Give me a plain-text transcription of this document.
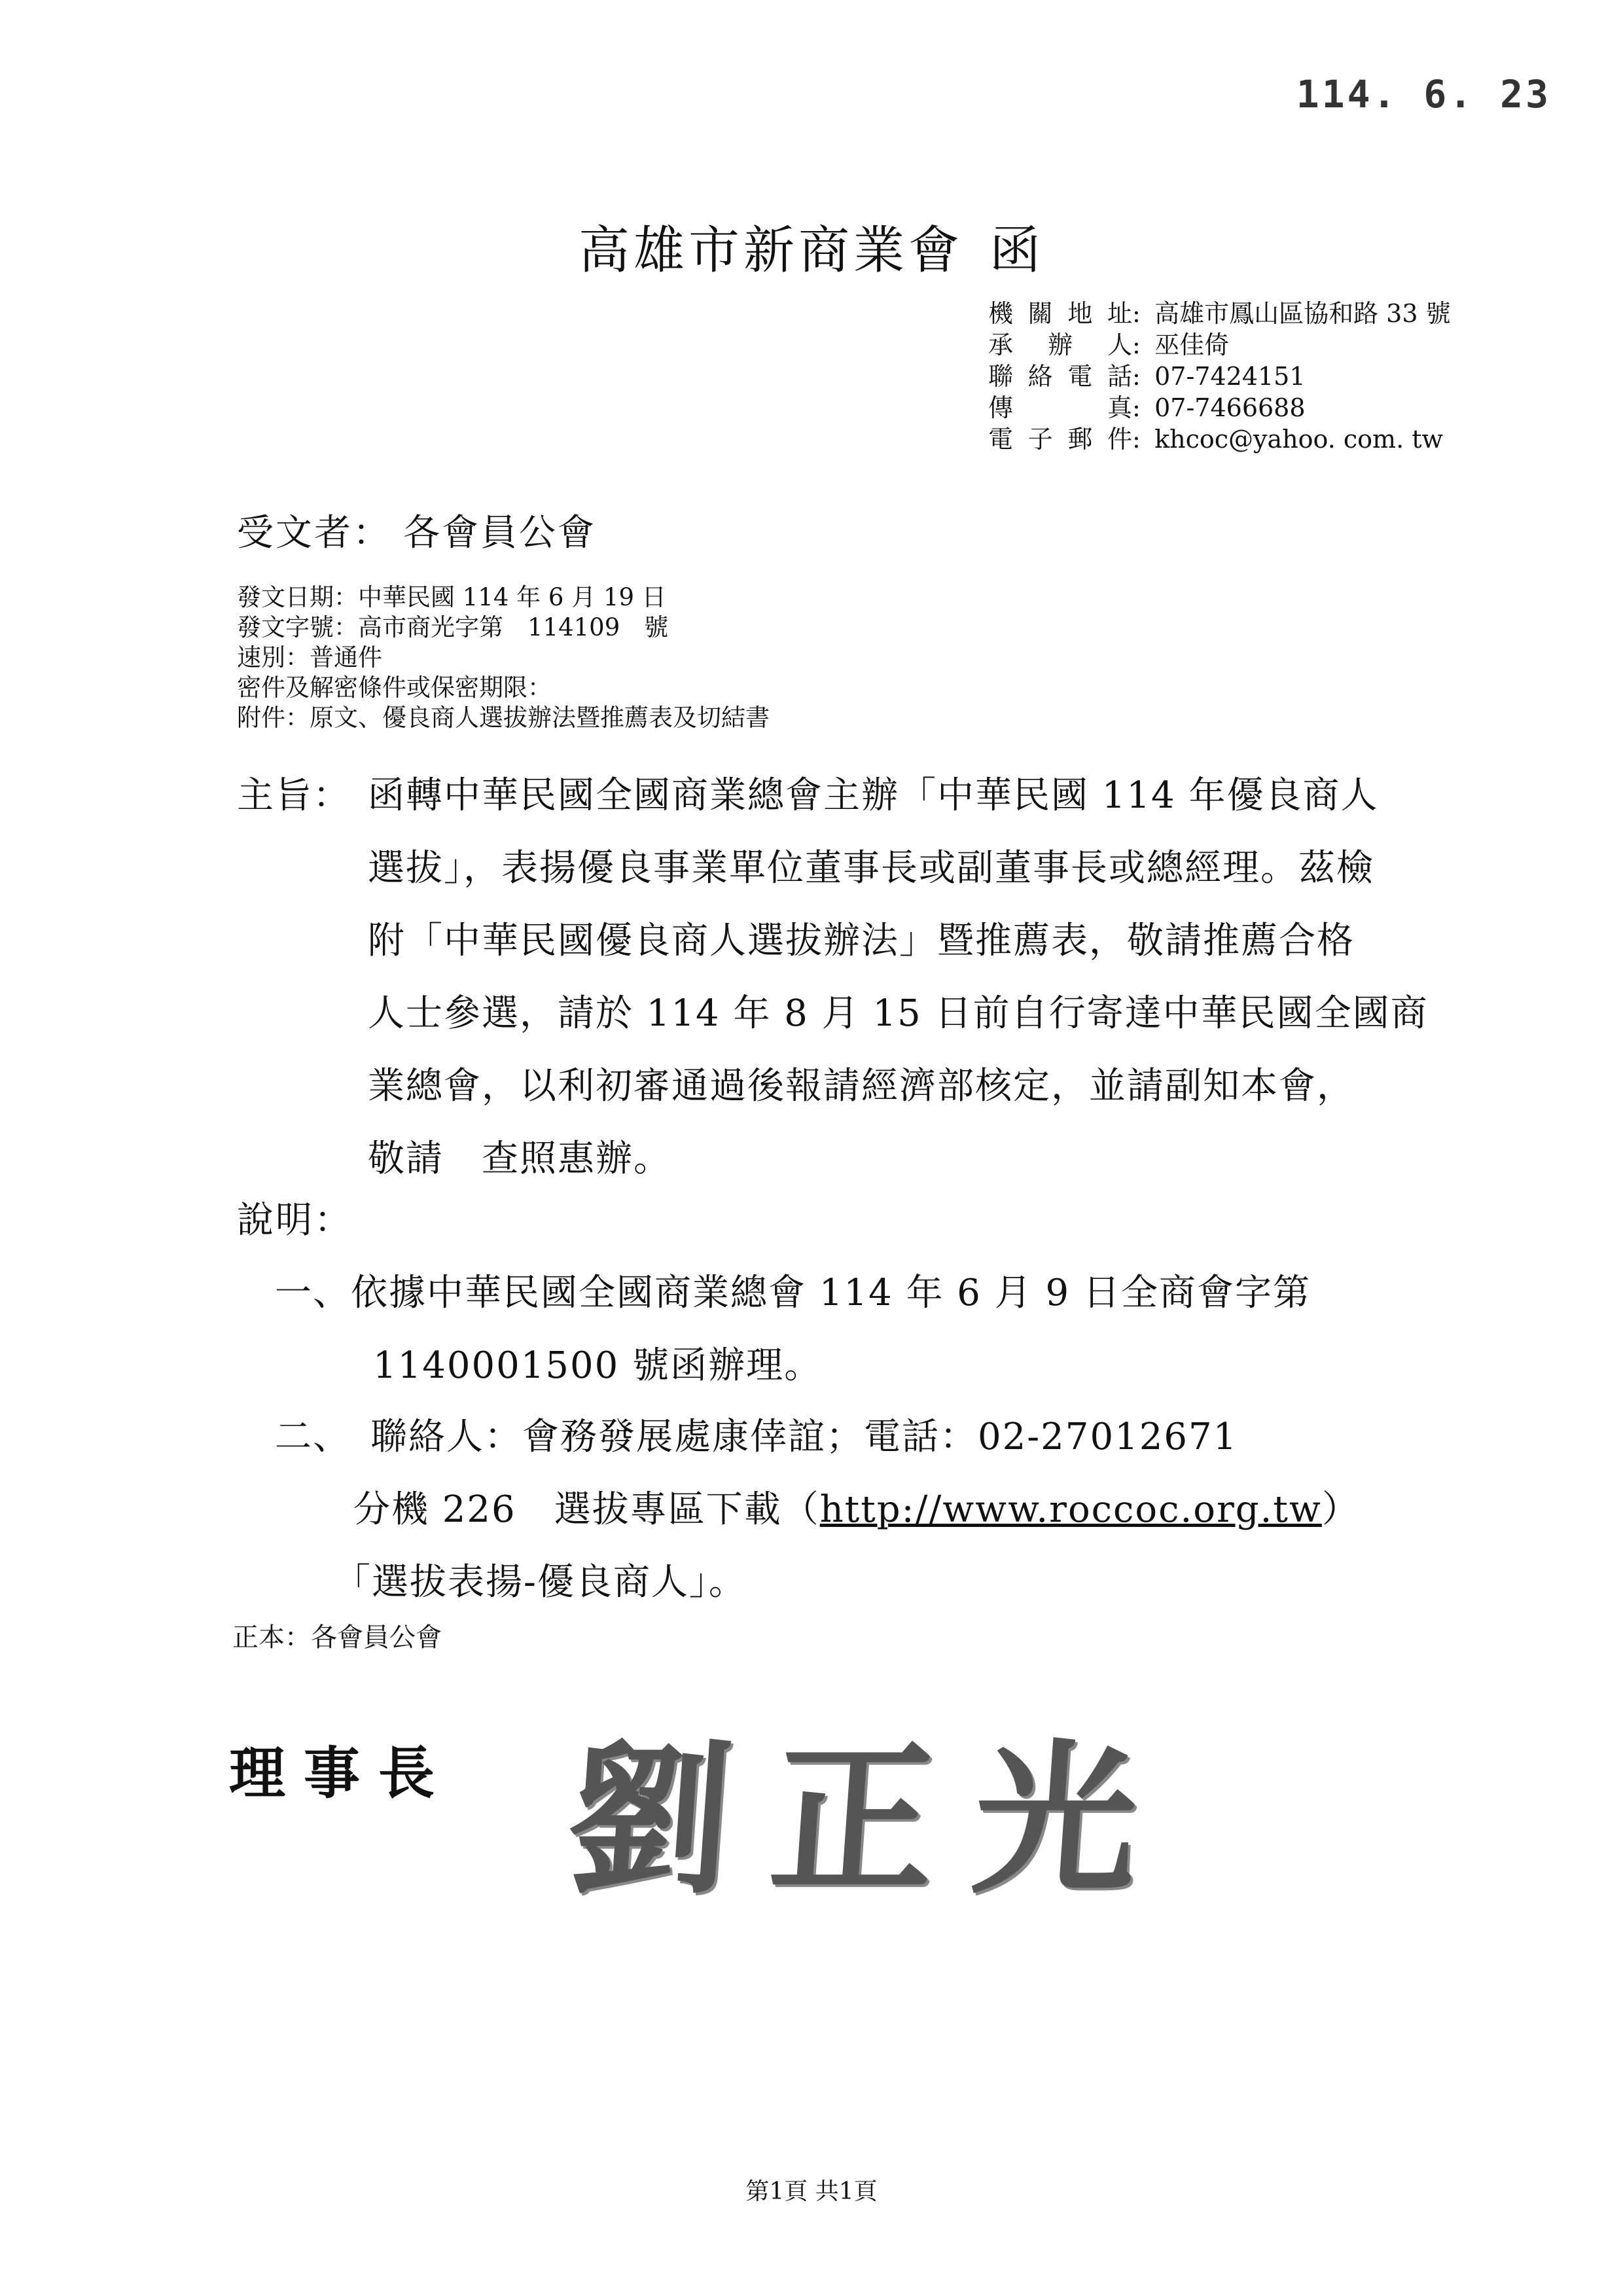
114. 6. 23
高雄市新商業會 函
機關地址: 高雄市鳳山區協和路 33 號
承辦人: 巫佳倚
聯絡電話: 07-7424151
傳真: 07-7466688
電子郵件: khcoc@yahoo. com. tw
受文者： 各會員公會
發文日期：中華民國 114 年 6 月 19 日
發文字號：高市商光字第　114109　號
速別：普通件
密件及解密條件或保密期限：
附件：原文、優良商人選拔辦法暨推薦表及切結書
主旨： 函轉中華民國全國商業總會主辦「中華民國 114 年優良商人
選拔」，表揚優良事業單位董事長或副董事長或總經理。茲檢
附「中華民國優良商人選拔辦法」暨推薦表，敬請推薦合格
人士參選，請於 114 年 8 月 15 日前自行寄達中華民國全國商
業總會，以利初審通過後報請經濟部核定，並請副知本會，
敬請　查照惠辦。
說明：
一、依據中華民國全國商業總會 114 年 6 月 9 日全商會字第
1140001500 號函辦理。
二、　聯絡人：會務發展處康倖誼；電話：02-27012671
分機 226　選拔專區下載（http://www.roccoc.org.tw）
「選拔表揚-優良商人」。
正本：各會員公會
理事長 劉正光
第1頁 共1頁
